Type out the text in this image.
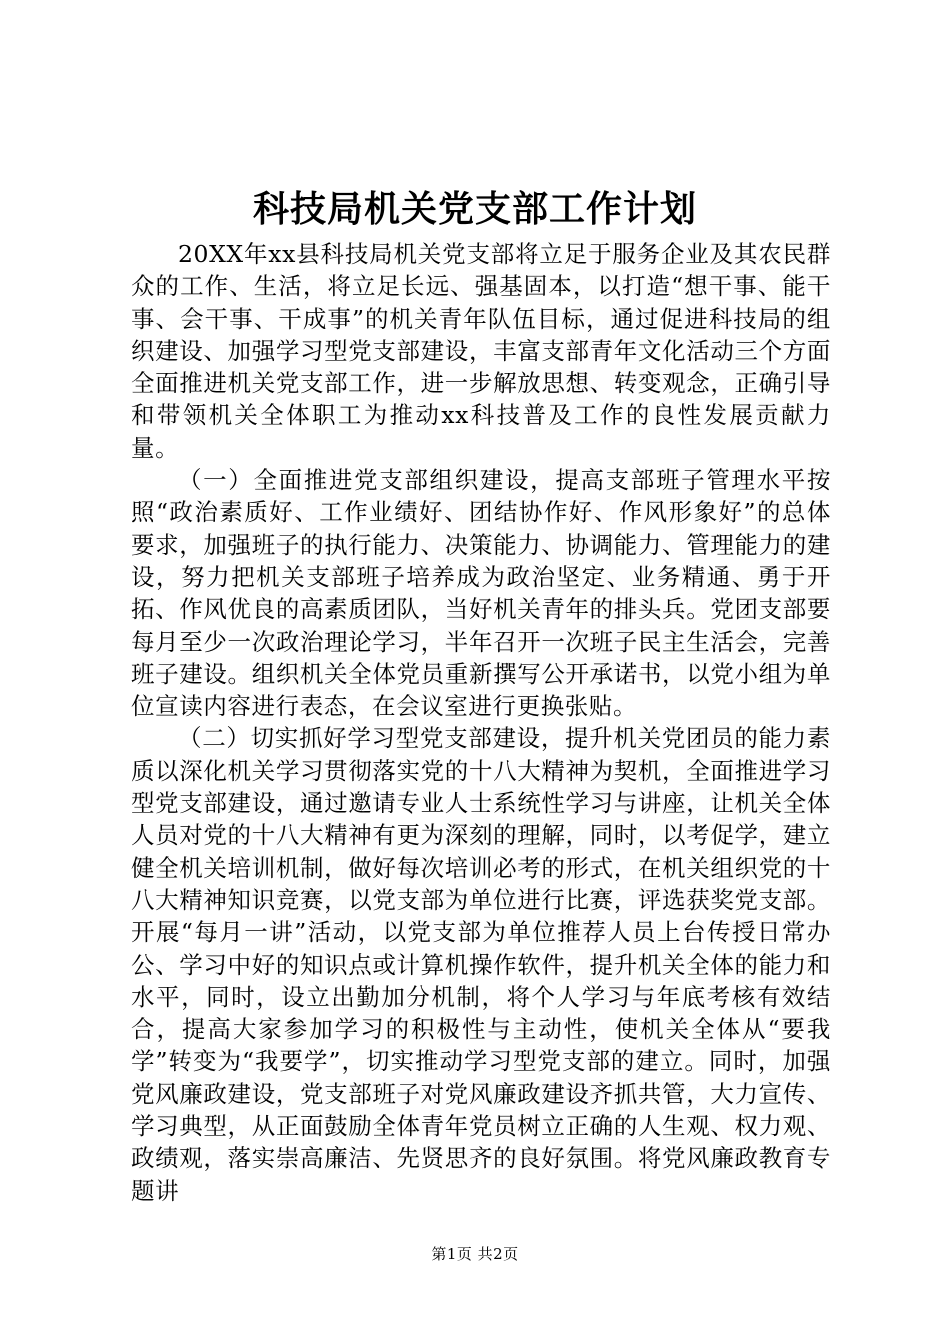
科技局机关党支部工作计划

20XX年xx县科技局机关党支部将立足于服务企业及其农民群众的工作、生活，将立足长远、强基固本，以打造“想干事、能干事、会干事、干成事”的机关青年队伍目标，通过促进科技局的组织建设、加强学习型党支部建设，丰富支部青年文化活动三个方面全面推进机关党支部工作，进一步解放思想、转变观念，正确引导和带领机关全体职工为推动xx科技普及工作的良性发展贡献力量。

（一）全面推进党支部组织建设，提高支部班子管理水平按照“政治素质好、工作业绩好、团结协作好、作风形象好”的总体要求，加强班子的执行能力、决策能力、协调能力、管理能力的建设，努力把机关支部班子培养成为政治坚定、业务精通、勇于开拓、作风优良的高素质团队，当好机关青年的排头兵。党团支部要每月至少一次政治理论学习，半年召开一次班子民主生活会，完善班子建设。组织机关全体党员重新撰写公开承诺书，以党小组为单位宣读内容进行表态，在会议室进行更换张贴。

（二）切实抓好学习型党支部建设，提升机关党团员的能力素质以深化机关学习贯彻落实党的十八大精神为契机，全面推进学习型党支部建设，通过邀请专业人士系统性学习与讲座，让机关全体人员对党的十八大精神有更为深刻的理解，同时，以考促学，建立健全机关培训机制，做好每次培训必考的形式，在机关组织党的十八大精神知识竞赛，以党支部为单位进行比赛，评选获奖党支部。开展“每月一讲”活动，以党支部为单位推荐人员上台传授日常办公、学习中好的知识点或计算机操作软件，提升机关全体的能力和水平，同时，设立出勤加分机制，将个人学习与年底考核有效结合，提高大家参加学习的积极性与主动性，使机关全体从“要我学”转变为“我要学”，切实推动学习型党支部的建立。同时，加强党风廉政建设，党支部班子对党风廉政建设齐抓共管，大力宣传、学习典型，从正面鼓励全体青年党员树立正确的人生观、权力观、政绩观，落实崇高廉洁、先贤思齐的良好氛围。将党风廉政教育专题讲

第1页 共2页
